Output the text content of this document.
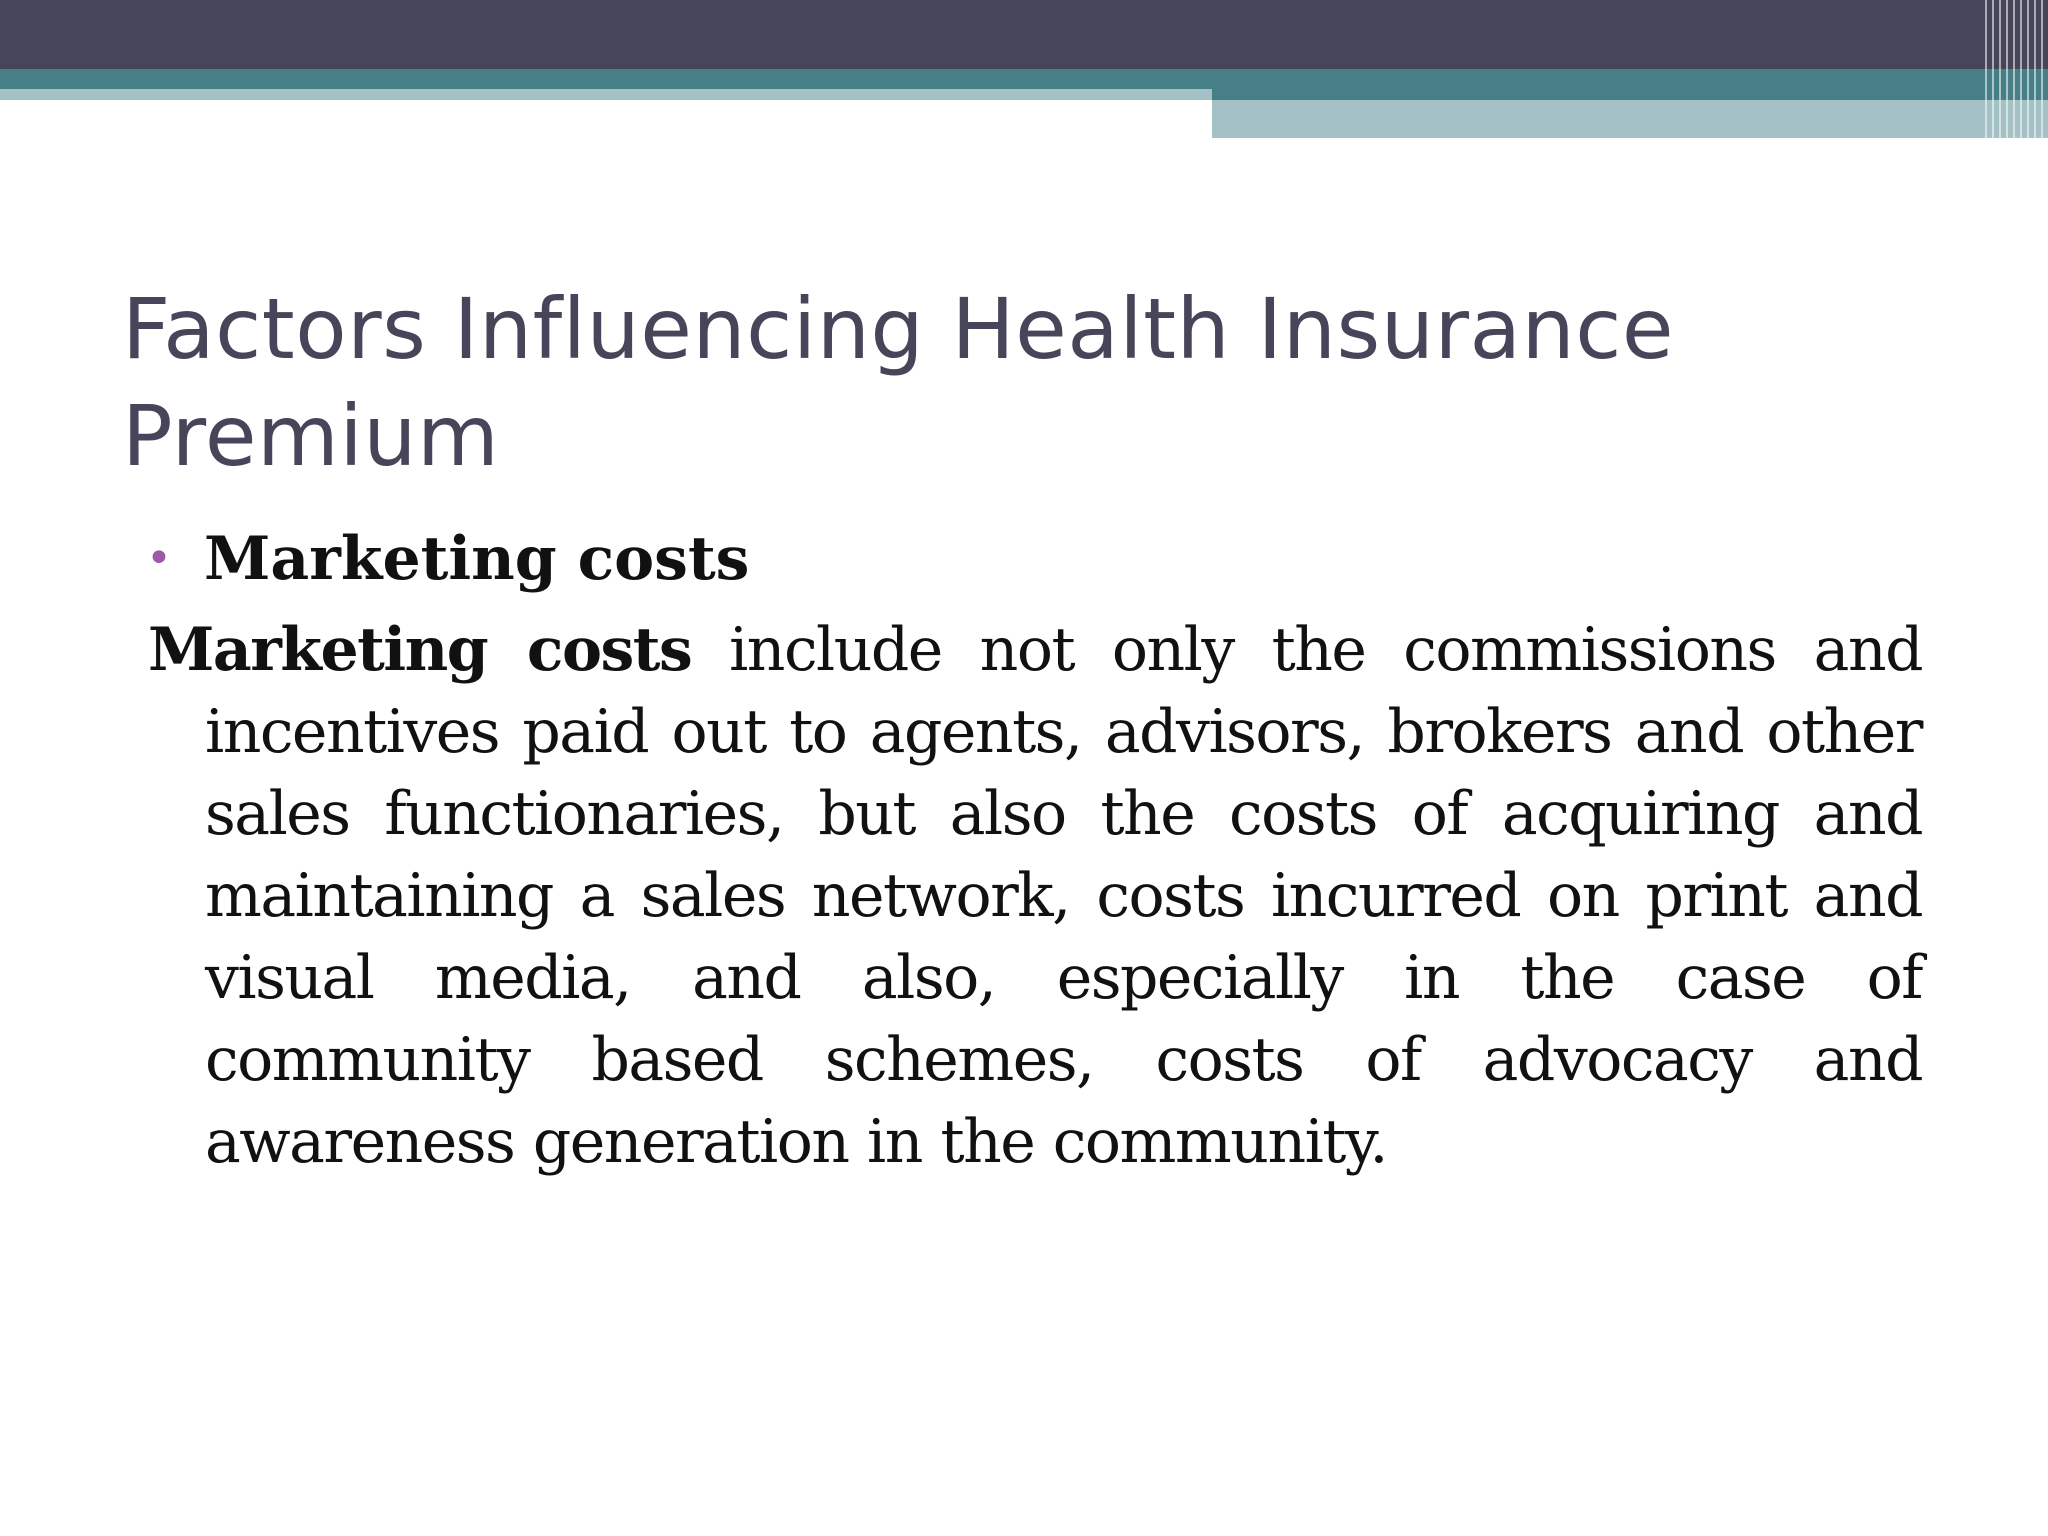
Factors Influencing Health Insurance Premium
• Marketing costs

Marketing costs include not only the commissions and incentives paid out to agents, advisors, brokers and other sales functionaries, but also the costs of acquiring and maintaining a sales network, costs incurred on print and visual media, and also, especially in the case of community based schemes, costs of advocacy and awareness generation in the community.
